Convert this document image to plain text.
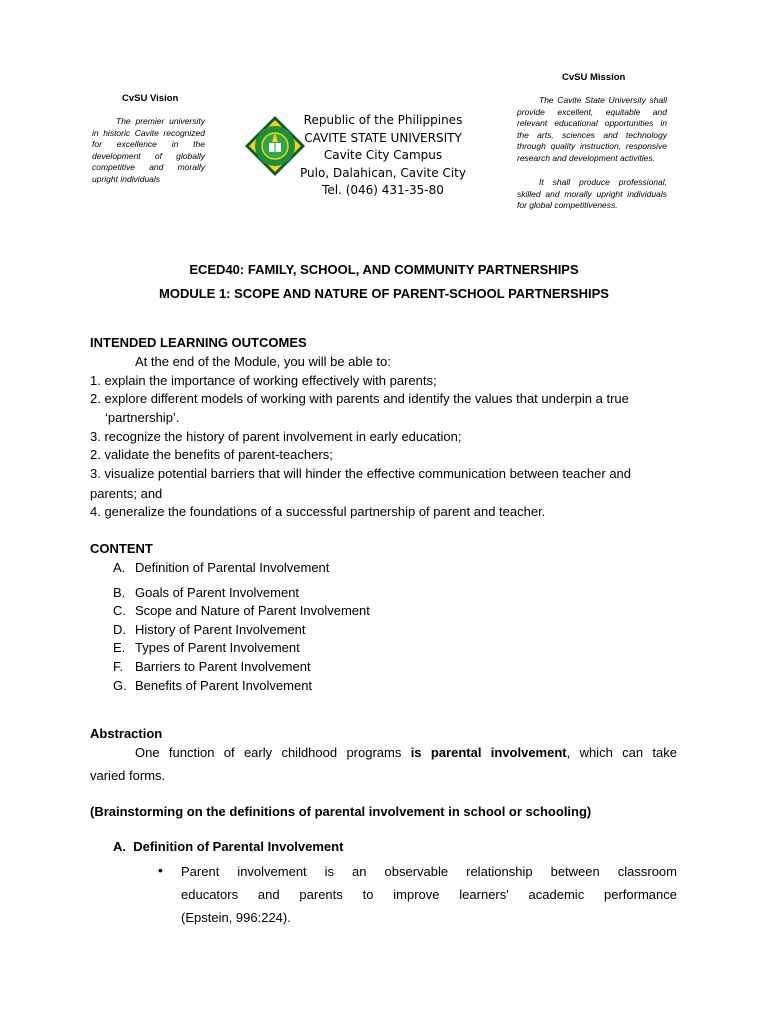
CvSU Vision
The premier university in historic Cavite recognized for excellence in the development of globally competitive and morally upright individuals
Republic of the Philippines
CAVITE STATE UNIVERSITY
Cavite City Campus
Pulo, Dalahican, Cavite City
Tel. (046) 431-35-80
CvSU Mission
The Cavite State University shall provide excellent, equitable and relevant educational opportunities in the arts, sciences and technology through quality instruction, responsive research and development activities.
It shall produce professional, skilled and morally upright individuals for global competitiveness.
ECED40: FAMILY, SCHOOL, AND COMMUNITY PARTNERSHIPS
MODULE 1: SCOPE AND NATURE OF PARENT-SCHOOL PARTNERSHIPS
INTENDED LEARNING OUTCOMES
At the end of the Module, you will be able to:
1. explain the importance of working effectively with parents;
2. explore different models of working with parents and identify the values that underpin a true
‘partnership’.
3. recognize the history of parent involvement in early education;
2. validate the benefits of parent-teachers;
3. visualize potential barriers that will hinder the effective communication between teacher and
parents; and
4. generalize the foundations of a successful partnership of parent and teacher.
CONTENT
A. Definition of Parental Involvement
B. Goals of Parent Involvement
C. Scope and Nature of Parent Involvement
D. History of Parent Involvement
E. Types of Parent Involvement
F. Barriers to Parent Involvement
G. Benefits of Parent Involvement
Abstraction
One function of early childhood programs is parental involvement, which can take
varied forms.
(Brainstorming on the definitions of parental involvement in school or schooling)
A.  Definition of Parental Involvement
• Parent involvement is an observable relationship between classroom
educators and parents to improve learners' academic performance
(Epstein, 996:224).
